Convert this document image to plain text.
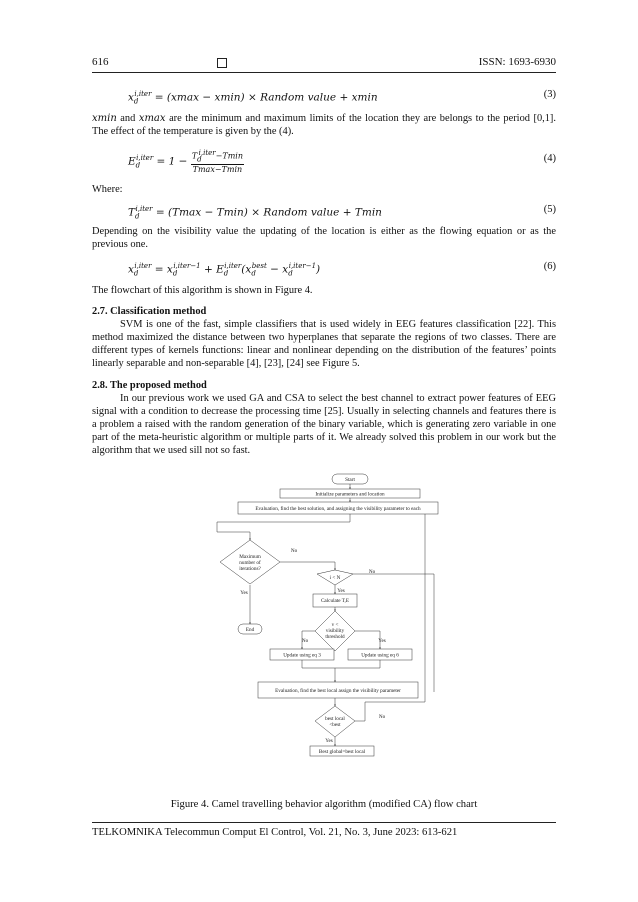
616	ISSN: 1693-6930
$x_d^{i,iter} = (xmax - xmin)$ × Random value + xmin	(3)
xmin and xmax are the minimum and maximum limits of the location they are belongs to the period [0,1]. The effect of the temperature is given by the (4).
$E_d^{i,iter} = 1 - \frac{T_d^{i,iter}-Tmin}{Tmax-Tmin}$	(4)
Where:
$T_d^{i,iter} = (Tmax - Tmin)$ × Random value + Tmin	(5)
Depending on the visibility value the updating of the location is either as the flowing equation or as the previous one.
$x_d^{i,iter} = x_d^{i,iter-1} + E_d^{i,iter}(x_d^{best} - x_d^{i,iter-1})$	(6)
The flowchart of this algorithm is shown in Figure 4.
2.7. Classification method
SVM is one of the fast, simple classifiers that is used widely in EEG features classification [22]. This method maximized the distance between two hyperplanes that separate the regions of two classes. There are different types of kernels functions: linear and nonlinear depending on the distribution of the features’ points linearly separable and non-separable [4], [23], [24] see Figure 5.
2.8. The proposed method
In our previous work we used GA and CSA to select the best channel to extract power features of EEG signal with a condition to decrease the processing time [25]. Usually in selecting channels and features there is a problem a raised with the random generation of the binary variable, which is generating zero variable in one part of the meta-heuristic algorithm or multiple parts of it. We already solved this problem in our work but the algorithm that we used sill not so fast.
Start
Initialize parameters and location
Evaluation, find the best solution, and assigning the visibility parameter to each
Maximum
number of
iterations?
End
i < N
Calculate T,E
v <
visibility
threshold
Update using eq 3	Update using eq 6
Evaluation, find the best local assign the visibility parameter
best local
<best
Best global=best local
No
Yes
No
Yes
No	Yes
No
Yes
Figure 4. Camel travelling behavior algorithm (modified CA) flow chart
TELKOMNIKA Telecommun Comput El Control, Vol. 21, No. 3, June 2023: 613-621
